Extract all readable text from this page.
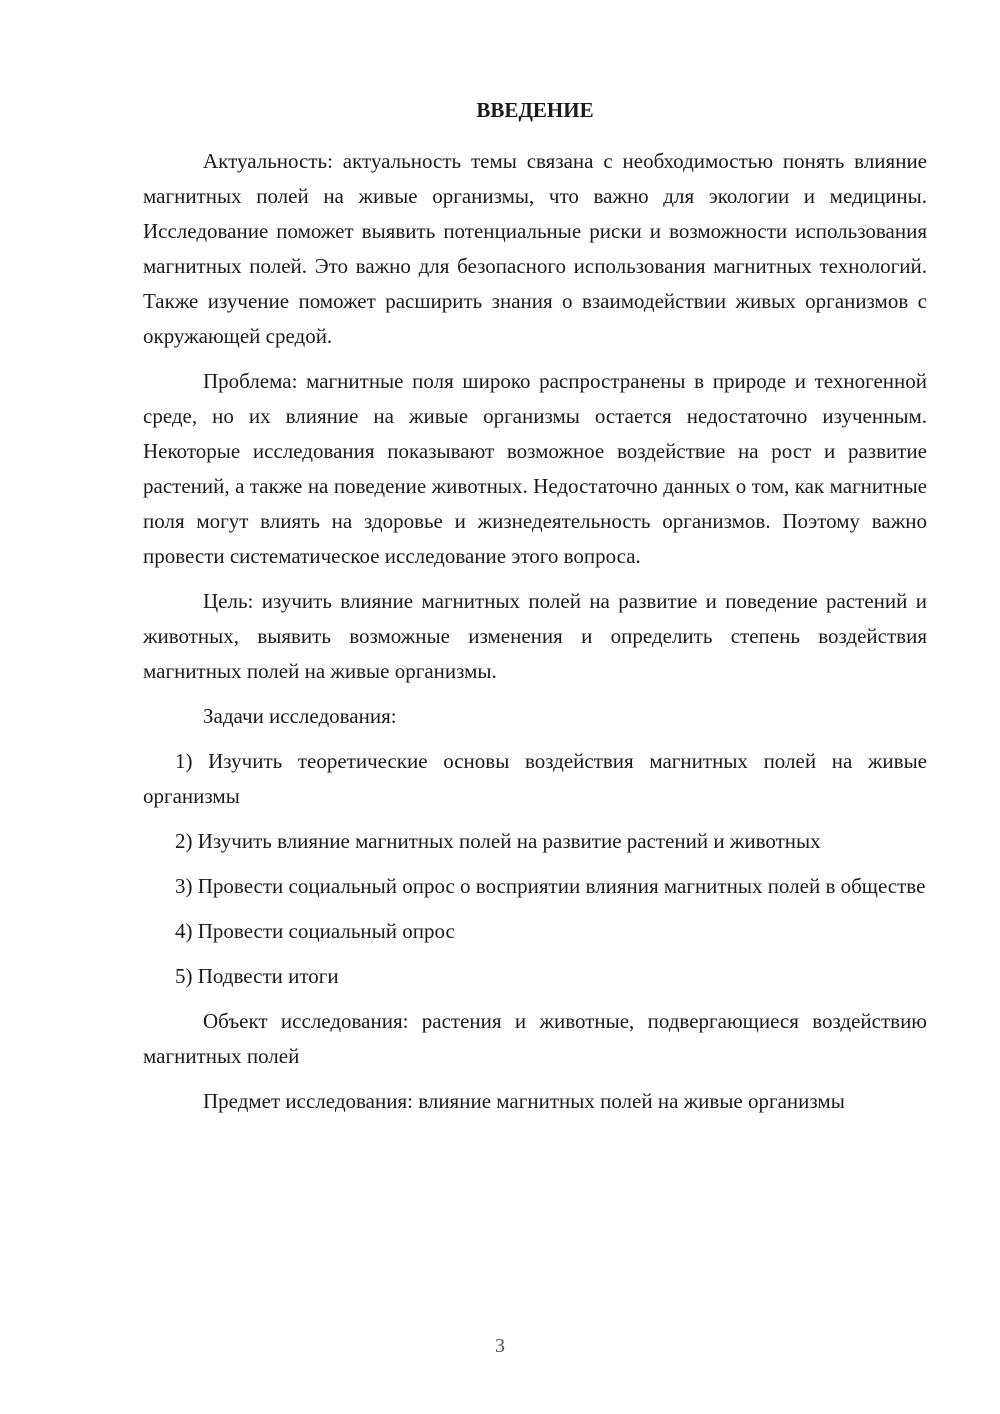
ВВЕДЕНИЕ

Актуальность: актуальность темы связана с необходимостью понять влияние магнитных полей на живые организмы, что важно для экологии и медицины. Исследование поможет выявить потенциальные риски и возможности использования магнитных полей. Это важно для безопасного использования магнитных технологий. Также изучение поможет расширить знания о взаимодействии живых организмов с окружающей средой.

Проблема: магнитные поля широко распространены в природе и техногенной среде, но их влияние на живые организмы остается недостаточно изученным. Некоторые исследования показывают возможное воздействие на рост и развитие растений, а также на поведение животных. Недостаточно данных о том, как магнитные поля могут влиять на здоровье и жизнедеятельность организмов. Поэтому важно провести систематическое исследование этого вопроса.

Цель: изучить влияние магнитных полей на развитие и поведение растений и животных, выявить возможные изменения и определить степень воздействия магнитных полей на живые организмы.

Задачи исследования:

1) Изучить теоретические основы воздействия магнитных полей на живые организмы

2) Изучить влияние магнитных полей на развитие растений и животных

3) Провести социальный опрос о восприятии влияния магнитных полей в обществе

4) Провести социальный опрос

5) Подвести итоги

Объект исследования: растения и животные, подвергающиеся воздействию магнитных полей

Предмет исследования: влияние магнитных полей на живые организмы

3
